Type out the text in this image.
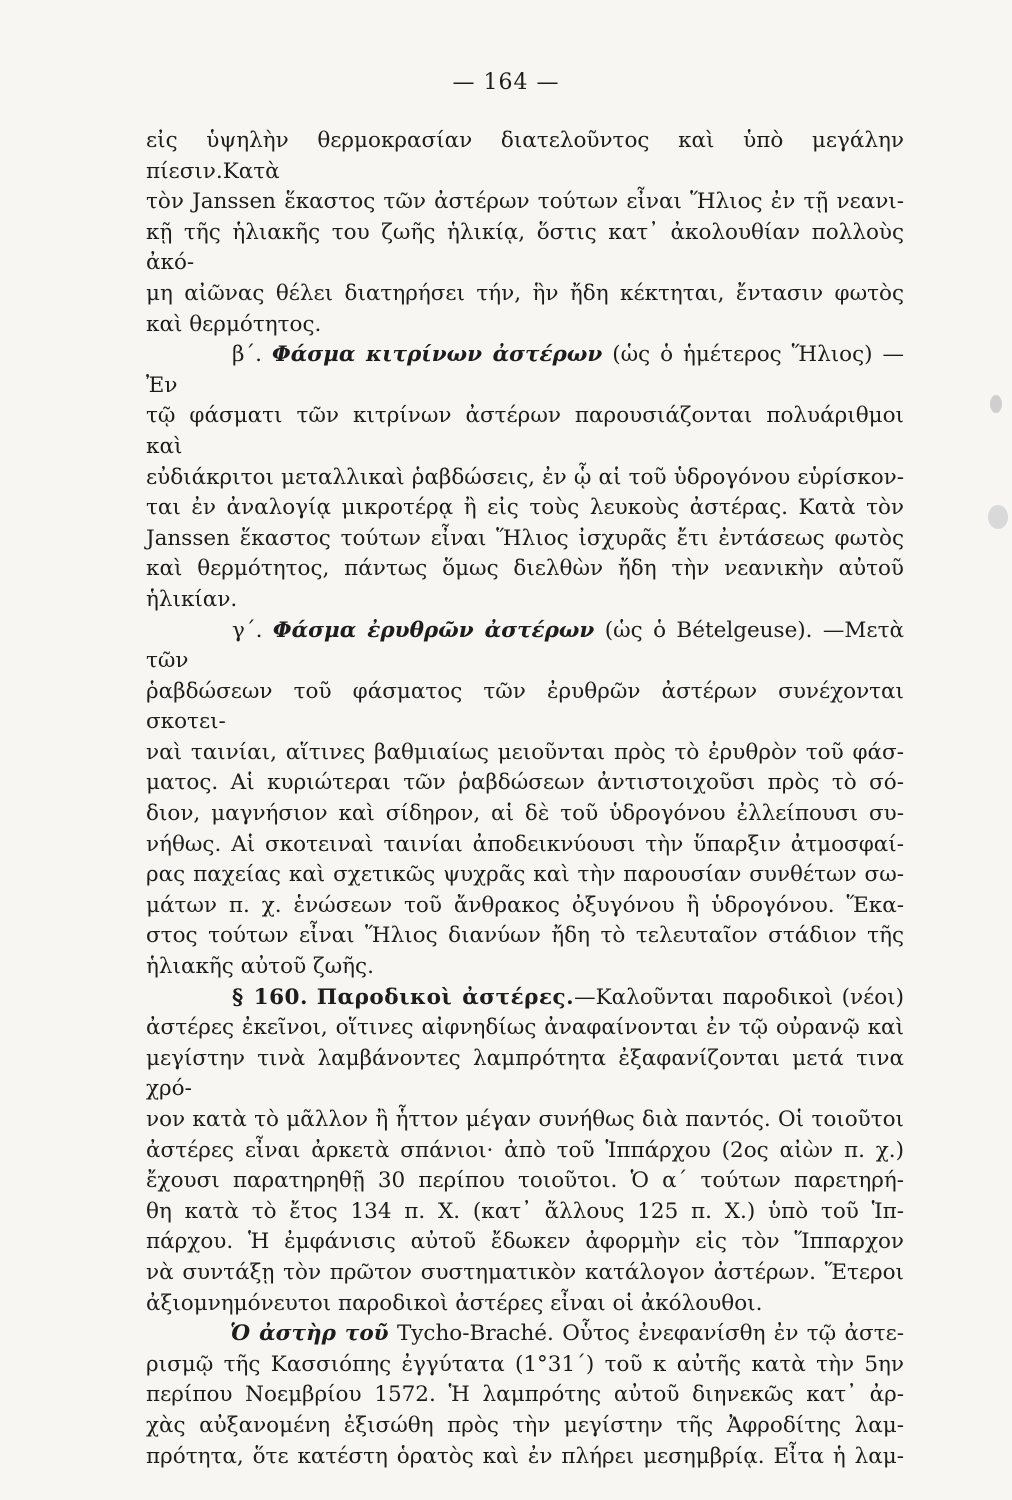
— 164 —

εἰς ὑψηλὴν θερμοκρασίαν διατελοῦντος καὶ ὑπὸ μεγάλην πίεσιν.Κατὰ

τὸν Janssen ἕκαστος τῶν ἀστέρων τούτων εἶναι Ἥλιος ἐν τῇ νεανι-

κῇ τῆς ἡλιακῆς του ζωῆς ἡλικίᾳ, ὅστις κατ᾽ ἀκολουθίαν πολλοὺς ἀκό-

μη αἰῶνας θέλει διατηρήσει τήν, ἣν ἤδη κέκτηται, ἔντασιν φωτὸς

καὶ θερμότητος.

β΄. Φάσμα κιτρίνων ἀστέρων (ὡς ὁ ἡμέτερος Ἥλιος) —Ἐν

τῷ φάσματι τῶν κιτρίνων ἀστέρων παρουσιάζονται πολυάριθμοι καὶ

εὐδιάκριτοι μεταλλικαὶ ῥαβδώσεις, ἐν ᾧ αἱ τοῦ ὑδρογόνου εὑρίσκον-

ται ἐν ἀναλογίᾳ μικροτέρᾳ ἢ εἰς τοὺς λευκοὺς ἀστέρας. Κατὰ τὸν

Janssen ἕκαστος τούτων εἶναι Ἥλιος ἰσχυρᾶς ἔτι ἐντάσεως φωτὸς

καὶ θερμότητος, πάντως ὅμως διελθὼν ἤδη τὴν νεανικὴν αὐτοῦ

ἡλικίαν.

γ΄. Φάσμα ἐρυθρῶν ἀστέρων (ὡς ὁ Bételgeuse). —Μετὰ τῶν

ῥαβδώσεων τοῦ φάσματος τῶν ἐρυθρῶν ἀστέρων συνέχονται σκοτει-

ναὶ ταινίαι, αἵτινες βαθμιαίως μειοῦνται πρὸς τὸ ἐρυθρὸν τοῦ φάσ-

ματος. Αἱ κυριώτεραι τῶν ῥαβδώσεων ἀντιστοιχοῦσι πρὸς τὸ σό-

διον, μαγνήσιον καὶ σίδηρον, αἱ δὲ τοῦ ὑδρογόνου ἐλλείπουσι συ-

νήθως. Αἱ σκοτειναὶ ταινίαι ἀποδεικνύουσι τὴν ὕπαρξιν ἀτμοσφαί-

ρας παχείας καὶ σχετικῶς ψυχρᾶς καὶ τὴν παρουσίαν συνθέτων σω-

μάτων π. χ. ἑνώσεων τοῦ ἄνθρακος ὀξυγόνου ἢ ὑδρογόνου. Ἕκα-

στος τούτων εἶναι Ἥλιος διανύων ἤδη τὸ τελευταῖον στάδιον τῆς

ἡλιακῆς αὐτοῦ ζωῆς.

§ 160. Παροδικοὶ ἀστέρες.—Καλοῦνται παροδικοὶ (νέοι)

ἀστέρες ἐκεῖνοι, οἵτινες αἰφνηδίως ἀναφαίνονται ἐν τῷ οὐρανῷ καὶ

μεγίστην τινὰ λαμβάνοντες λαμπρότητα ἐξαφανίζονται μετά τινα χρό-

νον κατὰ τὸ μᾶλλον ἢ ἧττον μέγαν συνήθως διὰ παντός. Οἱ τοιοῦτοι

ἀστέρες εἶναι ἀρκετὰ σπάνιοι· ἀπὸ τοῦ Ἱππάρχου (2ος αἰὼν π. χ.)

ἔχουσι παρατηρηθῇ 30 περίπου τοιοῦτοι. Ὁ α΄ τούτων παρετηρή-

θη κατὰ τὸ ἔτος 134 π. Χ. (κατ᾽ ἄλλους 125 π. Χ.) ὑπὸ τοῦ Ἱπ-

πάρχου. Ἡ ἐμφάνισις αὐτοῦ ἔδωκεν ἀφορμὴν εἰς τὸν Ἵππαρχον

νὰ συντάξῃ τὸν πρῶτον συστηματικὸν κατάλογον ἀστέρων. Ἕτεροι

ἀξιομνημόνευτοι παροδικοὶ ἀστέρες εἶναι οἱ ἀκόλουθοι.

Ὁ ἀστὴρ τοῦ Tycho-Braché. Οὗτος ἐνεφανίσθη ἐν τῷ ἀστε-

ρισμῷ τῆς Κασσιόπης ἐγγύτατα (1°31΄) τοῦ κ αὐτῆς κατὰ τὴν 5ην

περίπου Νοεμβρίου 1572. Ἡ λαμπρότης αὐτοῦ διηνεκῶς κατ᾽ ἀρ-

χὰς αὐξανομένη ἐξισώθη πρὸς τὴν μεγίστην τῆς Ἀφροδίτης λαμ-

πρότητα, ὅτε κατέστη ὁρατὸς καὶ ἐν πλήρει μεσημβρίᾳ. Εἶτα ἡ λαμ-
